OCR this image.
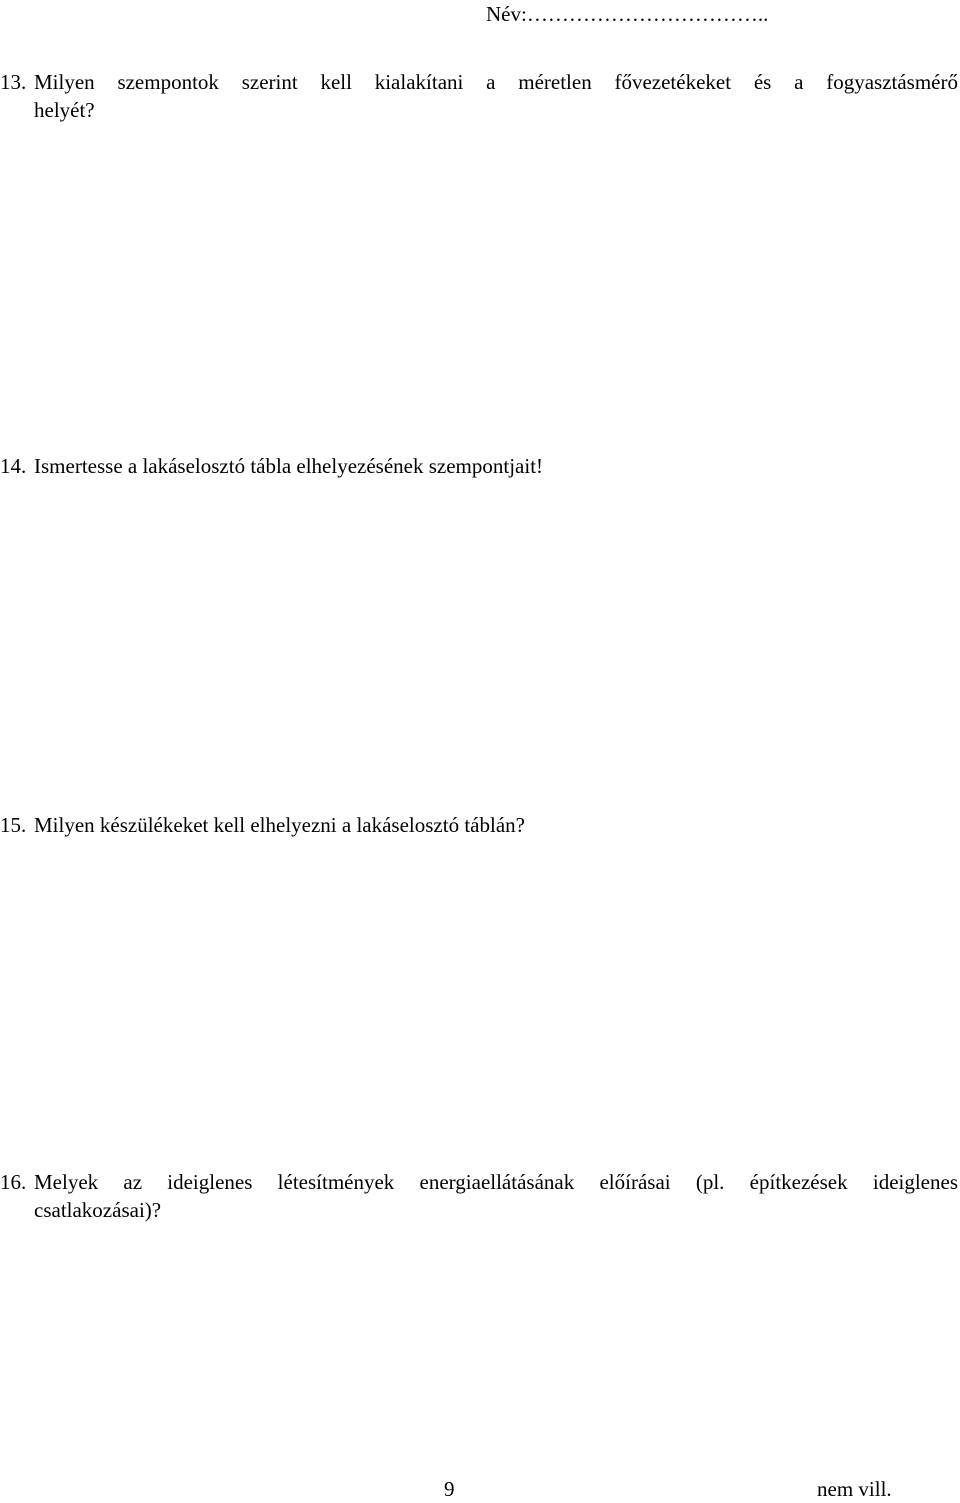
Név:……………………………..
13. Milyen szempontok szerint kell kialakítani a méretlen fővezetékeket és a fogyasztásmérő
helyét?
14. Ismertesse a lakáselosztó tábla elhelyezésének szempontjait!
15. Milyen készülékeket kell elhelyezni a lakáselosztó táblán?
16. Melyek az ideiglenes létesítmények energiaellátásának előírásai (pl. építkezések ideiglenes
csatlakozásai)?
9	nem vill.
